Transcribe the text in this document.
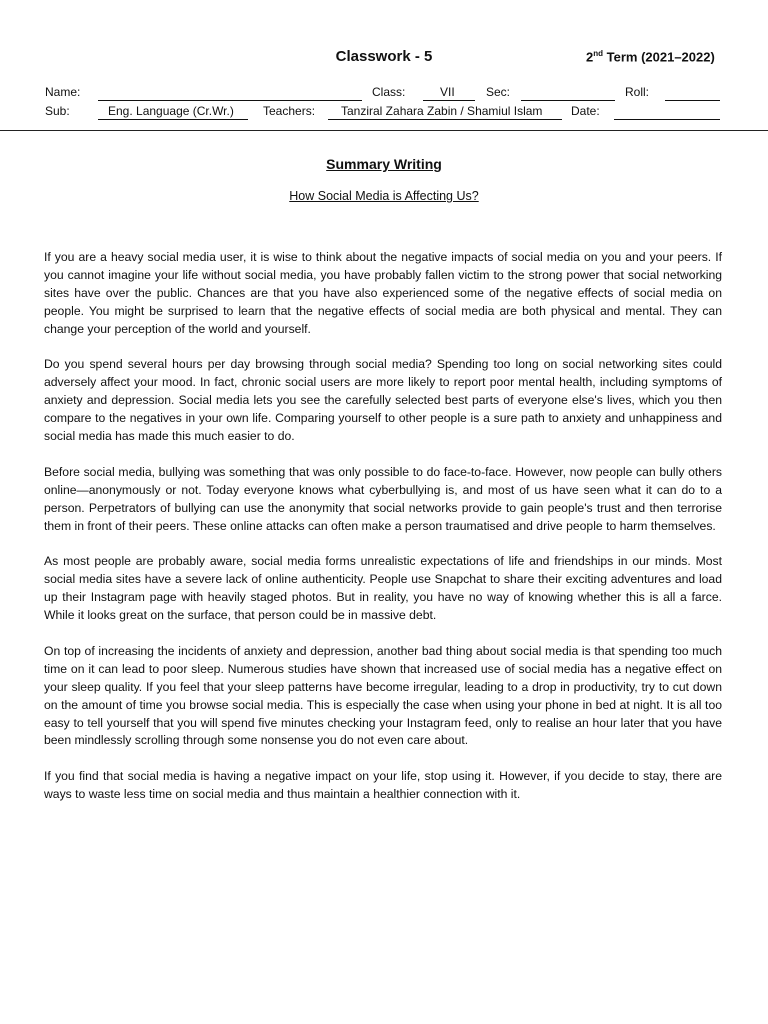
Classwork - 5	2nd Term (2021–2022)
Name:	Class:	VII	Sec:	Roll:
Sub:	Eng. Language (Cr.Wr.) Teachers: Tanziral Zahara Zabin / Shamiul Islam Date:
Summary Writing
How Social Media is Affecting Us?

If you are a heavy social media user, it is wise to think about the negative impacts of social media on you and your peers. If you cannot imagine your life without social media, you have probably fallen victim to the strong power that social networking sites have over the public. Chances are that you have also experienced some of the negative effects of social media on people. You might be surprised to learn that the negative effects of social media are both physical and mental. They can change your perception of the world and yourself.

Do you spend several hours per day browsing through social media? Spending too long on social networking sites could adversely affect your mood. In fact, chronic social users are more likely to report poor mental health, including symptoms of anxiety and depression. Social media lets you see the carefully selected best parts of everyone else's lives, which you then compare to the negatives in your own life. Comparing yourself to other people is a sure path to anxiety and unhappiness and social media has made this much easier to do.

Before social media, bullying was something that was only possible to do face-to-face. However, now people can bully others online—anonymously or not. Today everyone knows what cyberbullying is, and most of us have seen what it can do to a person. Perpetrators of bullying can use the anonymity that social networks provide to gain people's trust and then terrorise them in front of their peers. These online attacks can often make a person traumatised and drive people to harm themselves.

As most people are probably aware, social media forms unrealistic expectations of life and friendships in our minds. Most social media sites have a severe lack of online authenticity. People use Snapchat to share their exciting adventures and load up their Instagram page with heavily staged photos. But in reality, you have no way of knowing whether this is all a farce. While it looks great on the surface, that person could be in massive debt.

On top of increasing the incidents of anxiety and depression, another bad thing about social media is that spending too much time on it can lead to poor sleep. Numerous studies have shown that increased use of social media has a negative effect on your sleep quality. If you feel that your sleep patterns have become irregular, leading to a drop in productivity, try to cut down on the amount of time you browse social media. This is especially the case when using your phone in bed at night. It is all too easy to tell yourself that you will spend five minutes checking your Instagram feed, only to realise an hour later that you have been mindlessly scrolling through some nonsense you do not even care about.

If you find that social media is having a negative impact on your life, stop using it. However, if you decide to stay, there are ways to waste less time on social media and thus maintain a healthier connection with it.
